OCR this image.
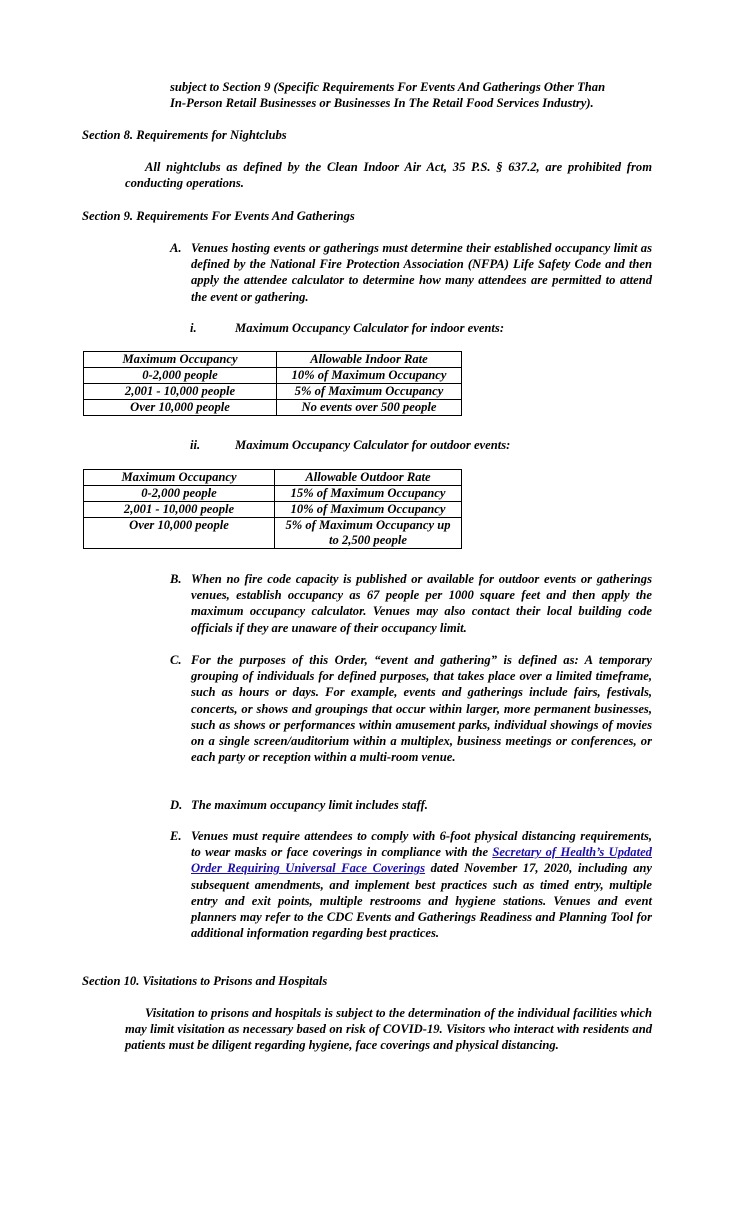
subject to Section 9 (Specific Requirements For Events And Gatherings Other Than
In-Person Retail Businesses or Businesses In The Retail Food Services Industry).
Section 8. Requirements for Nightclubs
All nightclubs as defined by the Clean Indoor Air Act, 35 P.S. § 637.2, are prohibited from conducting operations.
Section 9. Requirements For Events And Gatherings
A. Venues hosting events or gatherings must determine their established occupancy limit as defined by the National Fire Protection Association (NFPA) Life Safety Code and then apply the attendee calculator to determine how many attendees are permitted to attend the event or gathering.
i.	Maximum Occupancy Calculator for indoor events:
Maximum Occupancy	Allowable Indoor Rate
0-2,000 people	10% of Maximum Occupancy
2,001 - 10,000 people	5% of Maximum Occupancy
Over 10,000 people	No events over 500 people
ii.	Maximum Occupancy Calculator for outdoor events:
Maximum Occupancy	Allowable Outdoor Rate
0-2,000 people	15% of Maximum Occupancy
2,001 - 10,000 people	10% of Maximum Occupancy
Over 10,000 people	5% of Maximum Occupancy up to 2,500 people
B. When no fire code capacity is published or available for outdoor events or gatherings venues, establish occupancy as 67 people per 1000 square feet and then apply the maximum occupancy calculator. Venues may also contact their local building code officials if they are unaware of their occupancy limit.
C. For the purposes of this Order, “event and gathering” is defined as: A temporary grouping of individuals for defined purposes, that takes place over a limited timeframe, such as hours or days. For example, events and gatherings include fairs, festivals, concerts, or shows and groupings that occur within larger, more permanent businesses, such as shows or performances within amusement parks, individual showings of movies on a single screen/auditorium within a multiplex, business meetings or conferences, or each party or reception within a multi-room venue.
D. The maximum occupancy limit includes staff.
E. Venues must require attendees to comply with 6-foot physical distancing requirements, to wear masks or face coverings in compliance with the Secretary of Health’s Updated Order Requiring Universal Face Coverings dated November 17, 2020, including any subsequent amendments, and implement best practices such as timed entry, multiple entry and exit points, multiple restrooms and hygiene stations. Venues and event planners may refer to the CDC Events and Gatherings Readiness and Planning Tool for additional information regarding best practices.
Section 10. Visitations to Prisons and Hospitals
Visitation to prisons and hospitals is subject to the determination of the individual facilities which may limit visitation as necessary based on risk of COVID-19. Visitors who interact with residents and patients must be diligent regarding hygiene, face coverings and physical distancing.
